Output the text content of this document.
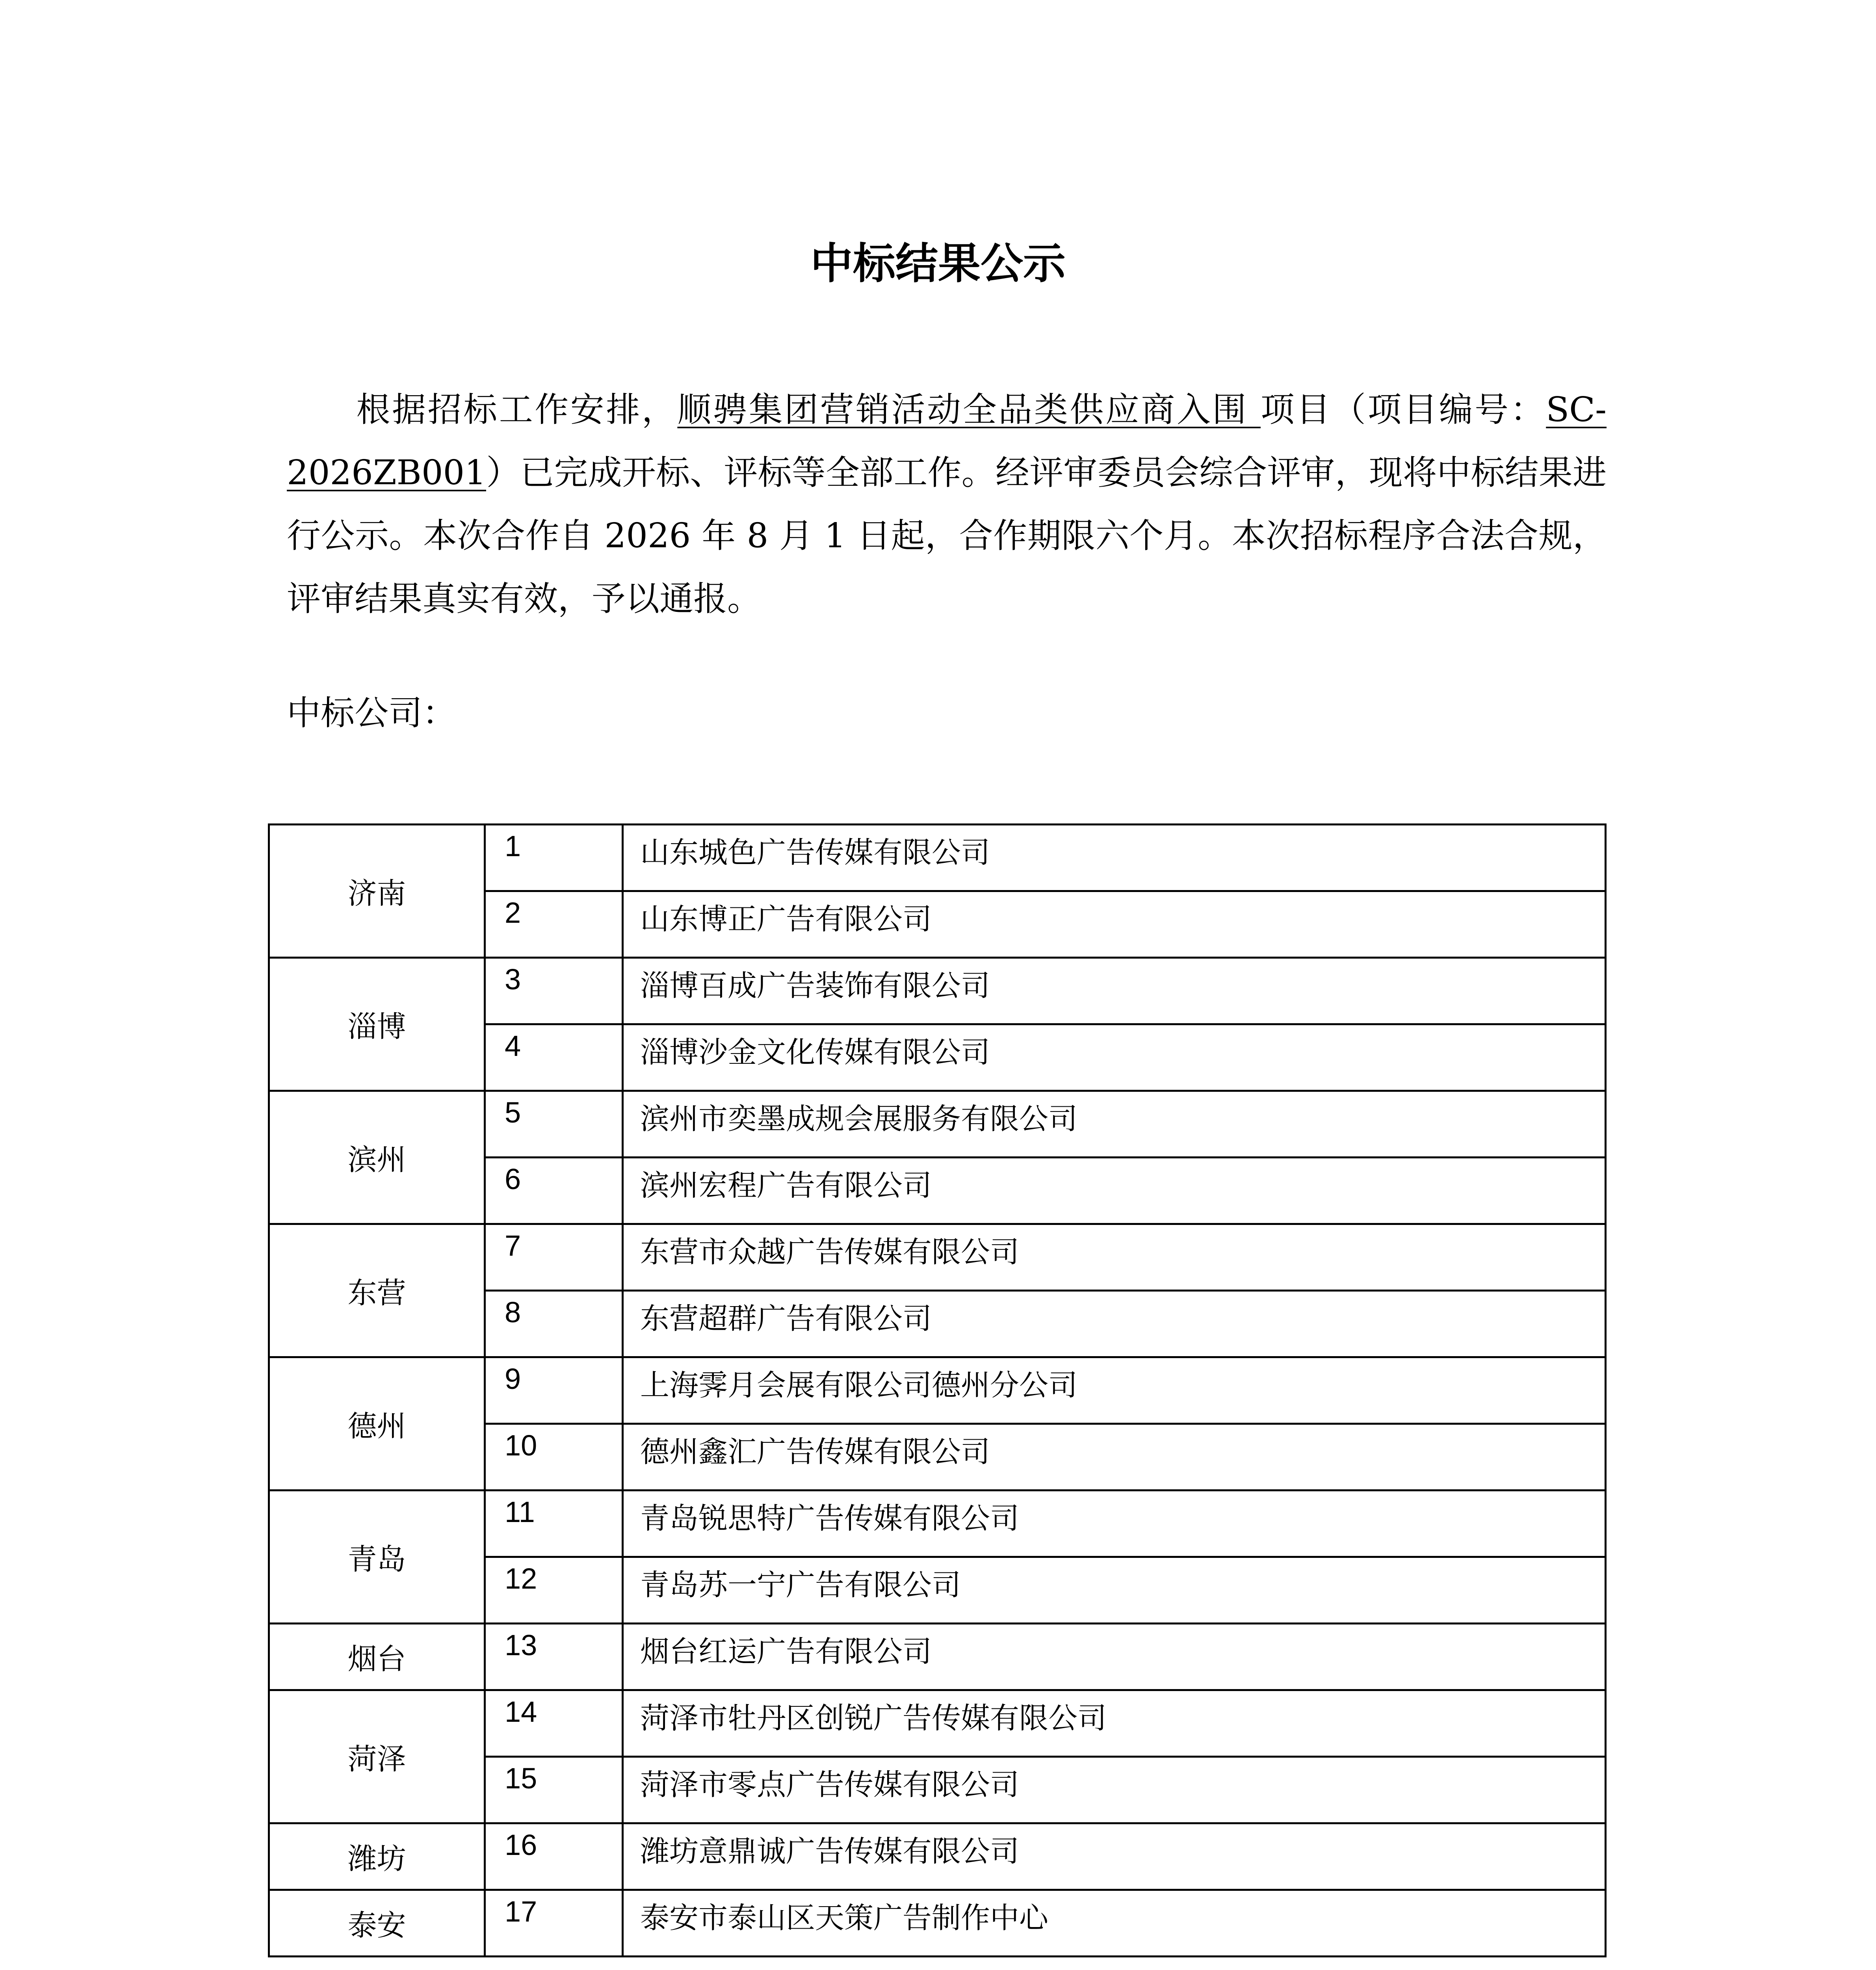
中标结果公示

根据招标工作安排，顺骋集团营销活动全品类供应商入围 项目（项目编号：SC-2026ZB001）已完成开标、评标等全部工作。经评审委员会综合评审，现将中标结果进行公示。本次合作自 2026 年 8 月 1 日起，合作期限六个月。本次招标程序合法合规，评审结果真实有效，予以通报。

中标公司：

济南	1	山东城色广告传媒有限公司
	2	山东博正广告有限公司
淄博	3	淄博百成广告装饰有限公司
	4	淄博沙金文化传媒有限公司
滨州	5	滨州市奕墨成规会展服务有限公司
	6	滨州宏程广告有限公司
东营	7	东营市众越广告传媒有限公司
	8	东营超群广告有限公司
德州	9	上海霁月会展有限公司德州分公司
	10	德州鑫汇广告传媒有限公司
青岛	11	青岛锐思特广告传媒有限公司
	12	青岛苏一宁广告有限公司
烟台	13	烟台红运广告有限公司
菏泽	14	菏泽市牡丹区创锐广告传媒有限公司
	15	菏泽市零点广告传媒有限公司
潍坊	16	潍坊意鼎诚广告传媒有限公司
泰安	17	泰安市泰山区天策广告制作中心
